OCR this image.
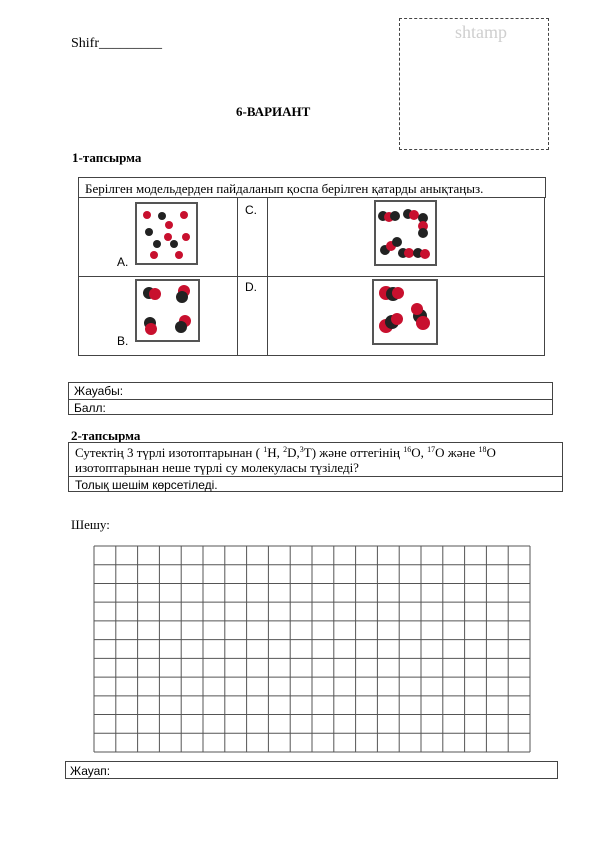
Shifr_________
shtamp
6-ВАРИАНТ
1-тапсырма
Берілген модельдерден пайдаланып қоспа берілген қатарды анықтаңыз.
A.
C.
B.
D.
Жауабы:
Балл:
2-тапсырма
Сутектің 3 түрлі изотоптарынан ( $^1$H, $^2$D,$^3$T) және оттегінің $^{16}$O, $^{17}$O және $^{18}$O
изотоптарынан неше түрлі су молекуласы түзіледі?
Толық шешім көрсетіледі.
Шешу:
Жауап:
